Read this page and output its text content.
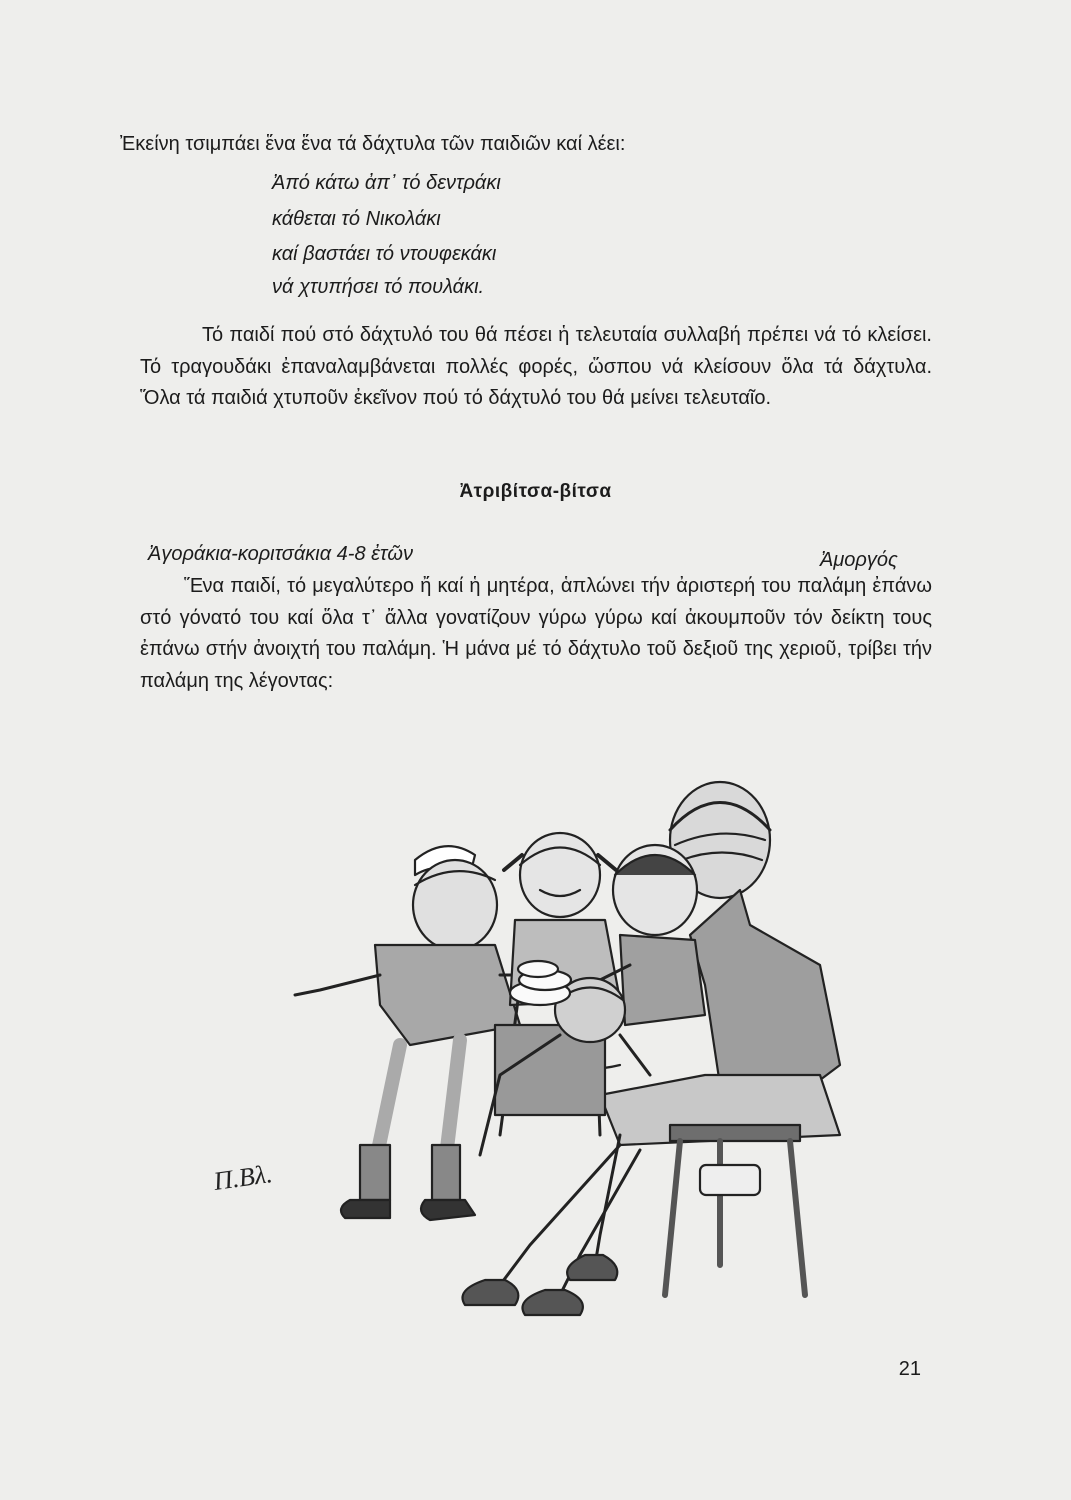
Ἐκείνη τσιμπάει ἕνα ἕνα τά δάχτυλα τῶν παιδιῶν καί λέει:
Ἀπό κάτω ἀπ᾽ τό δεντράκι
κάθεται τό Νικολάκι
καί βαστάει τό ντουφεκάκι
νά χτυπήσει τό πουλάκι.
Τό παιδί πού στό δάχτυλό του θά πέσει ἡ τελευταία συλλαβή πρέπει νά τό κλείσει. Τό τραγουδάκι ἐπαναλαμβάνεται πολλές φορές, ὥσπου νά κλείσουν ὅλα τά δάχτυλα. Ὅλα τά παιδιά χτυποῦν ἐκεῖνον πού τό δάχτυλό του θά μείνει τελευταῖο.
Ἀτριβίτσα-βίτσα
Ἀγοράκια-κοριτσάκια 4-8 ἐτῶν	Ἀμοργός
Ἕνα παιδί, τό μεγαλύτερο ἤ καί ἡ μητέρα, ἁπλώνει τήν ἀριστερή του παλάμη ἐπάνω στό γόνατό του καί ὅλα τ᾽ ἄλλα γονατίζουν γύρω γύρω καί ἀκουμποῦν τόν δείκτη τους ἐπάνω στήν ἀνοιχτή του παλάμη. Ἡ μάνα μέ τό δάχτυλο τοῦ δεξιοῦ της χεριοῦ, τρίβει τήν παλάμη της λέγοντας:
Π.Βλ.
21
